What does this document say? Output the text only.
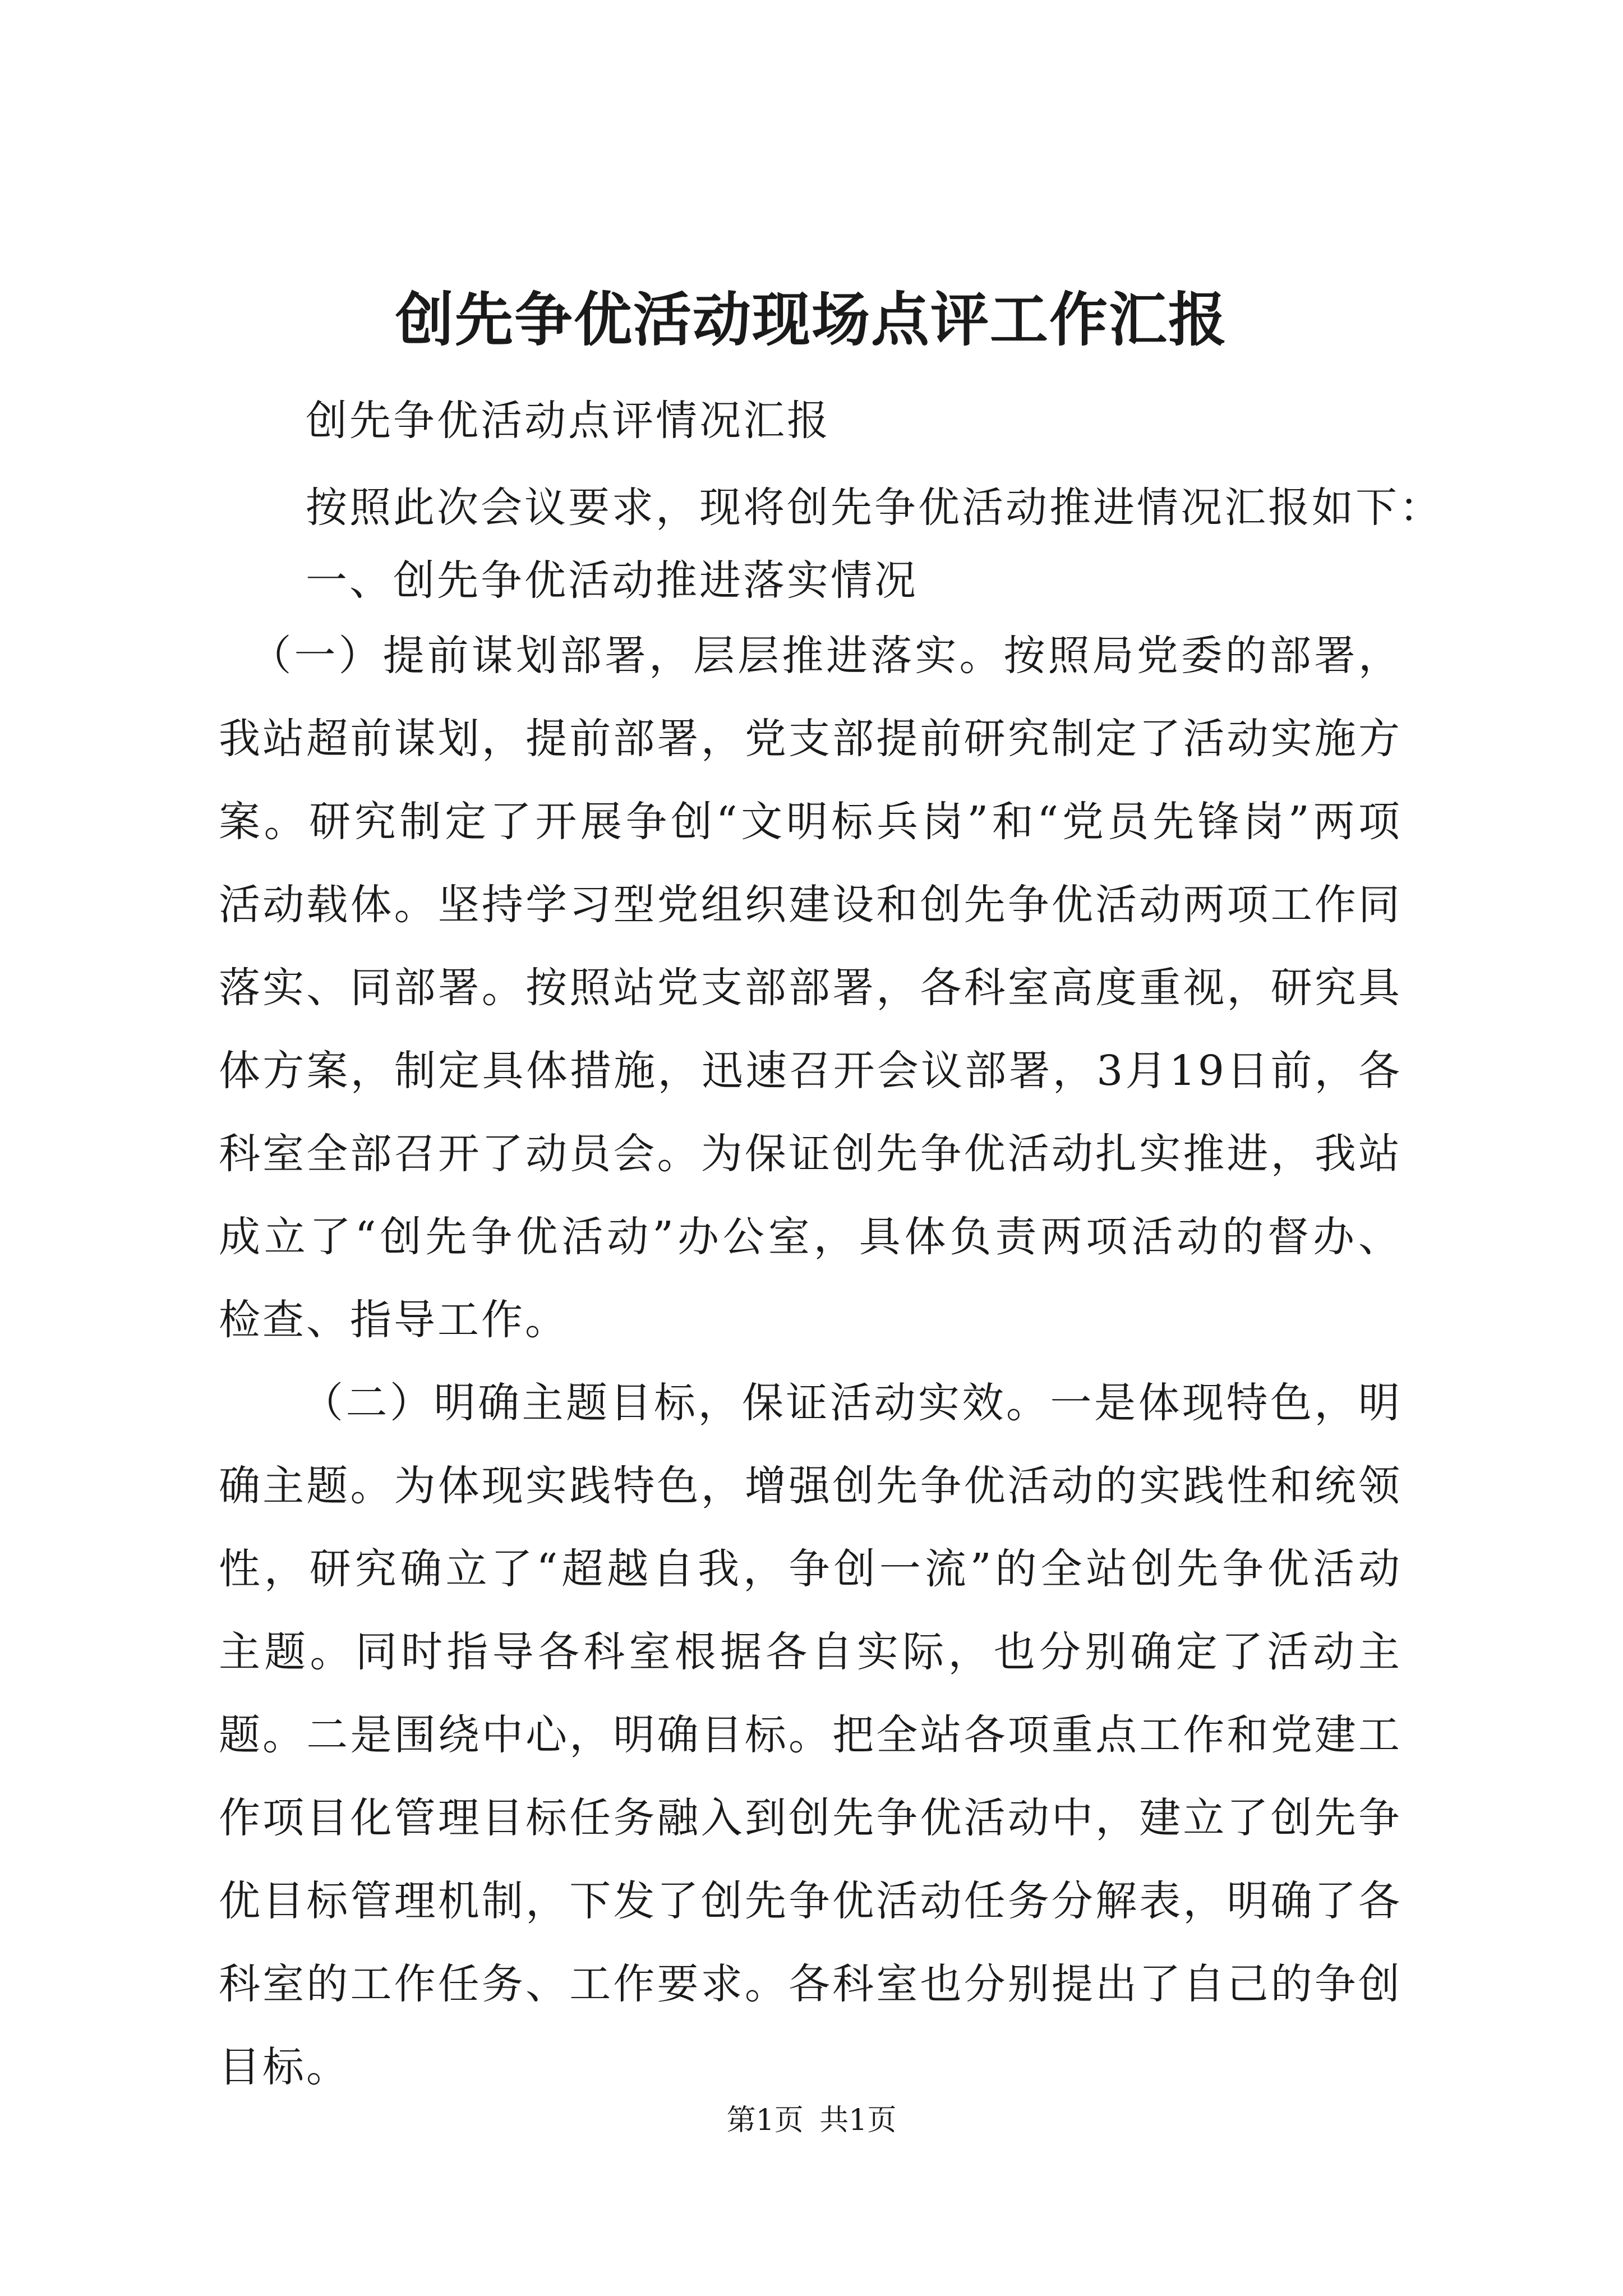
创先争优活动现场点评工作汇报
创先争优活动点评情况汇报
按照此次会议要求，现将创先争优活动推进情况汇报如下：
一、创先争优活动推进落实情况

（一）提前谋划部署，层层推进落实。按照局党委的部署，我站超前谋划，提前部署，党支部提前研究制定了活动实施方案。研究制定了开展争创“文明标兵岗”和“党员先锋岗”两项活动载体。坚持学习型党组织建设和创先争优活动两项工作同落实、同部署。按照站党支部部署，各科室高度重视，研究具体方案，制定具体措施，迅速召开会议部署，3月19日前，各科室全部召开了动员会。为保证创先争优活动扎实推进，我站成立了“创先争优活动”办公室，具体负责两项活动的督办、检查、指导工作。

（二）明确主题目标，保证活动实效。一是体现特色，明确主题。为体现实践特色，增强创先争优活动的实践性和统领性，研究确立了“超越自我，争创一流”的全站创先争优活动主题。同时指导各科室根据各自实际，也分别确定了活动主题。二是围绕中心，明确目标。把全站各项重点工作和党建工作项目化管理目标任务融入到创先争优活动中，建立了创先争优目标管理机制，下发了创先争优活动任务分解表，明确了各科室的工作任务、工作要求。各科室也分别提出了自己的争创目标。

第1页 共1页
